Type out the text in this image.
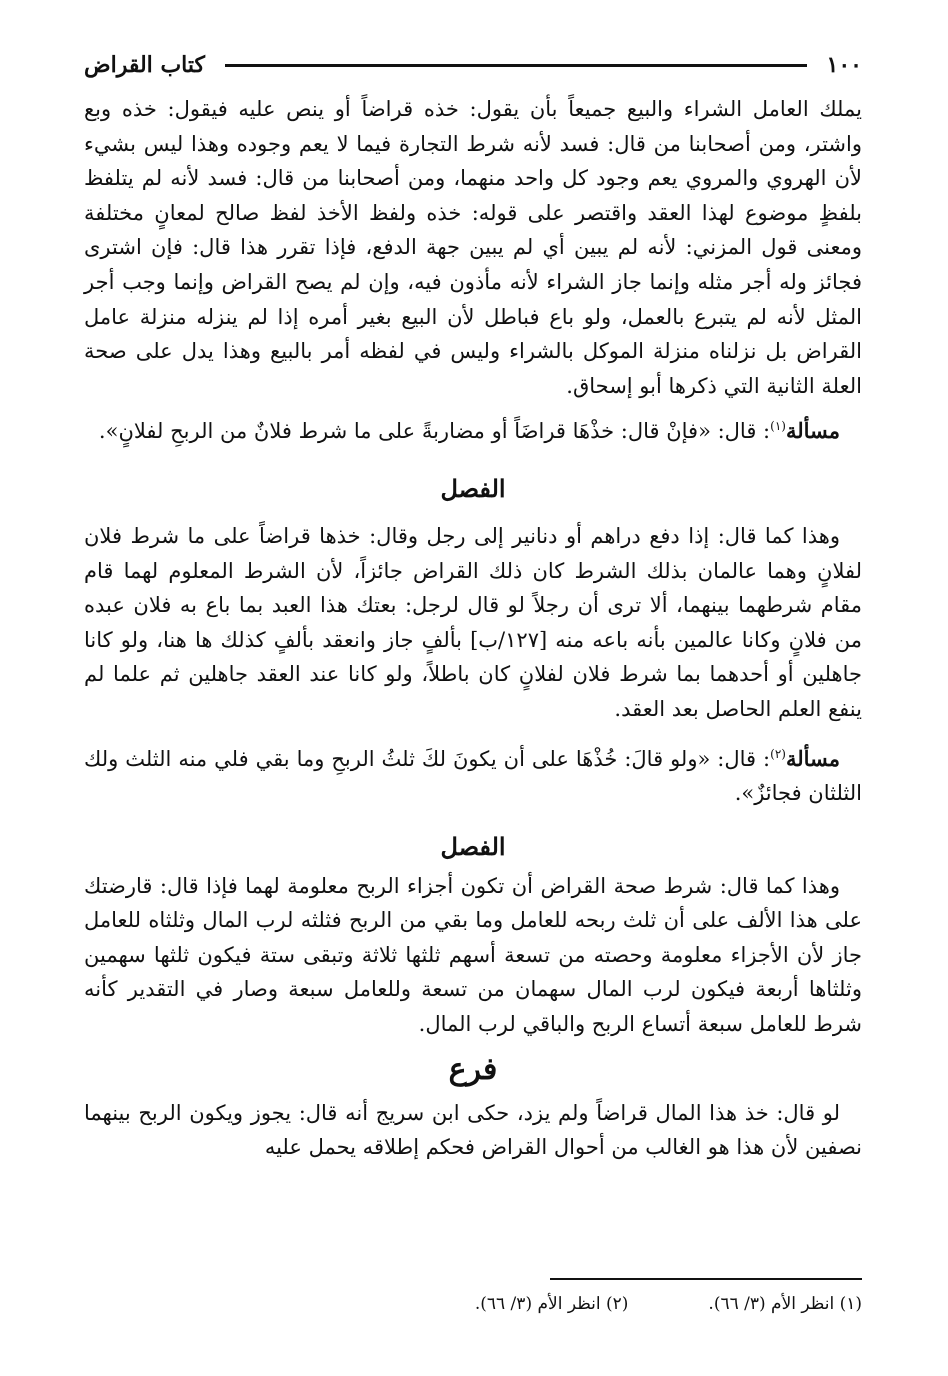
١٠٠
كتاب القراض

يملك العامل الشراء والبيع جميعاً بأن يقول: خذه قراضاً أو ينص عليه فيقول: خذه وبع واشتر، ومن أصحابنا من قال: فسد لأنه شرط التجارة فيما لا يعم وجوده وهذا ليس بشيء لأن الهروي والمروي يعم وجود كل واحد منهما، ومن أصحابنا من قال: فسد لأنه لم يتلفظ بلفظٍ موضوع لهذا العقد واقتصر على قوله: خذه ولفظ الأخذ لفظ صالح لمعانٍ مختلفة ومعنى قول المزني: لأنه لم يبين أي لم يبين جهة الدفع، فإذا تقرر هذا قال: فإن اشترى فجائز وله أجر مثله وإنما جاز الشراء لأنه مأذون فيه، وإن لم يصح القراض وإنما وجب أجر المثل لأنه لم يتبرع بالعمل، ولو باع فباطل لأن البيع بغير أمره إذا لم ينزله منزلة عامل القراض بل نزلناه منزلة الموكل بالشراء وليس في لفظه أمر بالبيع وهذا يدل على صحة العلة الثانية التي ذكرها أبو إسحاق.

مسألة$^{(١)}$: قال: «فإنْ قال: خذْهَا قراضَاً أو مضاربةً على ما شرط فلانٌ من الربحِ لفلانٍ».

الفصل

وهذا كما قال: إذا دفع دراهم أو دنانير إلى رجل وقال: خذها قراضاً على ما شرط فلان لفلانٍ وهما عالمان بذلك الشرط كان ذلك القراض جائزاً، لأن الشرط المعلوم لهما قام مقام شرطهما بينهما، ألا ترى أن رجلاً لو قال لرجل: بعتك هذا العبد بما باع به فلان عبده من فلانٍ وكانا عالمين بأنه باعه منه [١٢٧/ب] بألفٍ جاز وانعقد بألفٍ كذلك ها هنا، ولو كانا جاهلين أو أحدهما بما شرط فلان لفلانٍ كان باطلاً، ولو كانا عند العقد جاهلين ثم علما لم ينفع العلم الحاصل بعد العقد.

مسألة$^{(٢)}$: قال: «ولو قالَ: خُذْهَا على أن يكونَ لكَ ثلثُ الربحِ وما بقي فلي منه الثلث ولك الثلثان فجائزٌ».

الفصل

وهذا كما قال: شرط صحة القراض أن تكون أجزاء الربح معلومة لهما فإذا قال: قارضتك على هذا الألف على أن ثلث ربحه للعامل وما بقي من الربح فثلثه لرب المال وثلثاه للعامل جاز لأن الأجزاء معلومة وحصته من تسعة أسهم ثلثها ثلاثة وتبقى ستة فيكون ثلثها سهمين وثلثاها أربعة فيكون لرب المال سهمان من تسعة وللعامل سبعة وصار في التقدير كأنه شرط للعامل سبعة أتساع الربح والباقي لرب المال.

فرع

لو قال: خذ هذا المال قراضاً ولم يزد، حكى ابن سريج أنه قال: يجوز ويكون الربح بينهما نصفين لأن هذا هو الغالب من أحوال القراض فحكم إطلاقه يحمل عليه

(١) انظر الأم (٣/ ٦٦).
(٢) انظر الأم (٣/ ٦٦).
